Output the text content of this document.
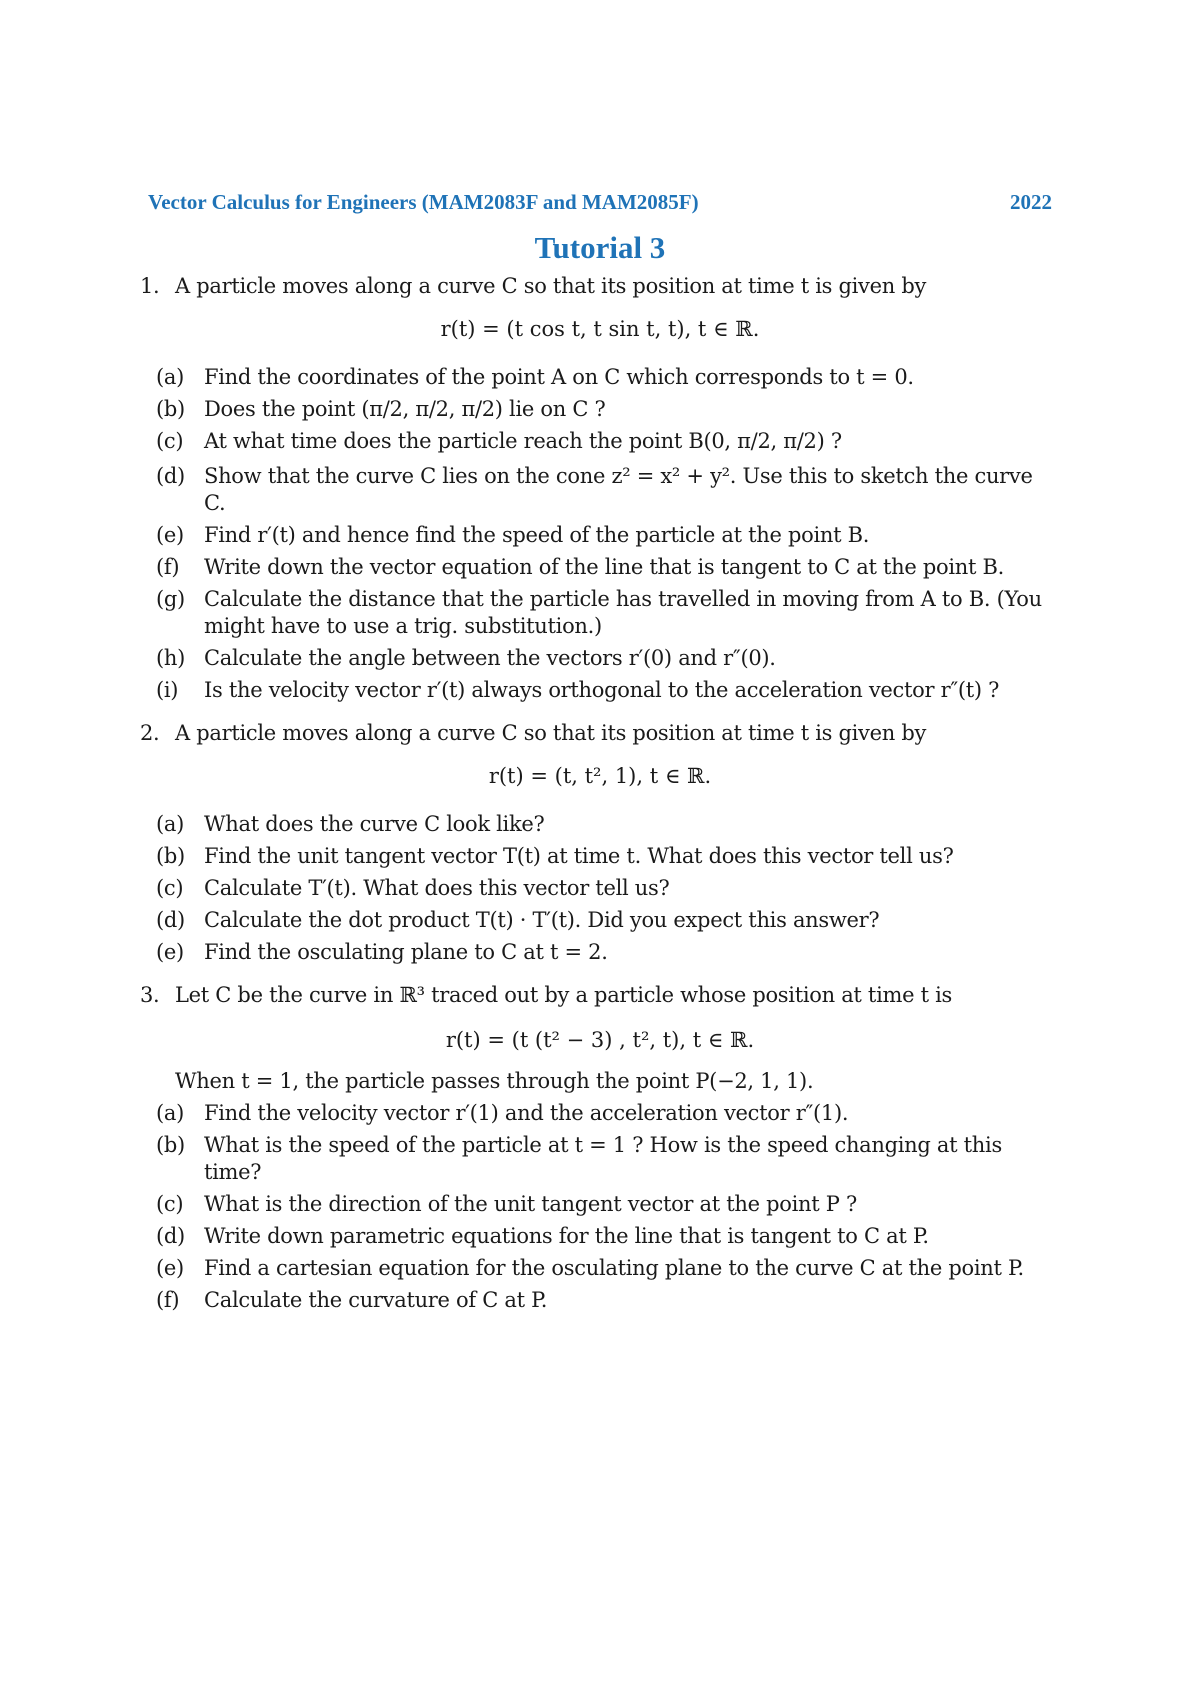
Vector Calculus for Engineers (MAM2083F and MAM2085F)	2022
Tutorial 3
1. A particle moves along a curve C so that its position at time t is given by
r(t) = (t cos t, t sin t, t), t ∈ ℝ.
(a) Find the coordinates of the point A on C which corresponds to t = 0.
(b) Does the point (π/2, π/2, π/2) lie on C ?
(c) At what time does the particle reach the point B(0, π/2, π/2) ?
(d) Show that the curve C lies on the cone z² = x² + y². Use this to sketch the curve
C.
(e) Find r′(t) and hence find the speed of the particle at the point B.
(f) Write down the vector equation of the line that is tangent to C at the point B.
(g) Calculate the distance that the particle has travelled in moving from A to B. (You
might have to use a trig. substitution.)
(h) Calculate the angle between the vectors r′(0) and r″(0).
(i) Is the velocity vector r′(t) always orthogonal to the acceleration vector r″(t) ?
2. A particle moves along a curve C so that its position at time t is given by
r(t) = (t, t², 1), t ∈ ℝ.
(a) What does the curve C look like?
(b) Find the unit tangent vector T(t) at time t. What does this vector tell us?
(c) Calculate T′(t). What does this vector tell us?
(d) Calculate the dot product T(t) · T′(t). Did you expect this answer?
(e) Find the osculating plane to C at t = 2.
3. Let C be the curve in ℝ³ traced out by a particle whose position at time t is
r(t) = (t (t² − 3) , t², t), t ∈ ℝ.
When t = 1, the particle passes through the point P(−2, 1, 1).
(a) Find the velocity vector r′(1) and the acceleration vector r″(1).
(b) What is the speed of the particle at t = 1 ? How is the speed changing at this
time?
(c) What is the direction of the unit tangent vector at the point P ?
(d) Write down parametric equations for the line that is tangent to C at P.
(e) Find a cartesian equation for the osculating plane to the curve C at the point P.
(f) Calculate the curvature of C at P.
